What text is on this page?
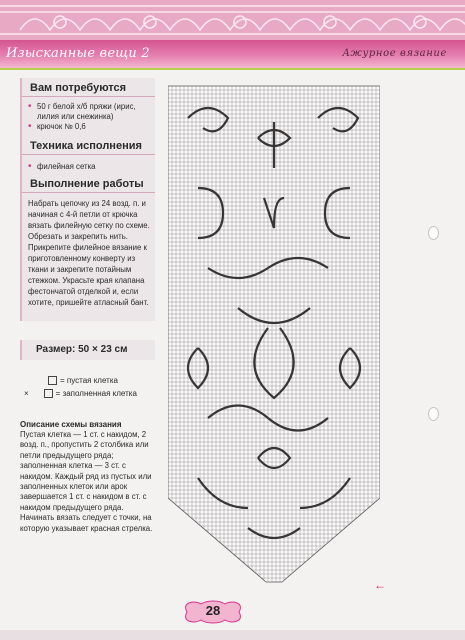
Изысканные вещи 2	Ажурное вязание
Вам потребуются
• 50 г белой х/б пряжи (ирис, лилия или снежинка)
• крючок № 0,6
Техника исполнения
• филейная сетка
Выполнение работы
Набрать цепочку из 24 возд. п. и начиная с 4-й петли от крючка вязать филейную сетку по схеме. Обрезать и закрепить нить. Прикрепите филейное вязание к приготовленному конверту из ткани и закрепите потайным стежком. Украсьте края клапана фестончатой отделкой и, если хотите, пришейте атласный бант.
Размер: 50 × 23 см
= пустая клетка
×	= заполненная клетка
Описание схемы вязания
Пустая клетка — 1 ст. с накидом, 2 возд. п., пропустить 2 столбика или петли предыдущего ряда; заполненная клетка — 3 ст. с накидом. Каждый ряд из пустых или заполненных клеток или арок завершается 1 ст. с накидом в ст. с накидом предыдущего ряда. Начинать вязать следует с точки, на которую указывает красная стрелка.
←
28
